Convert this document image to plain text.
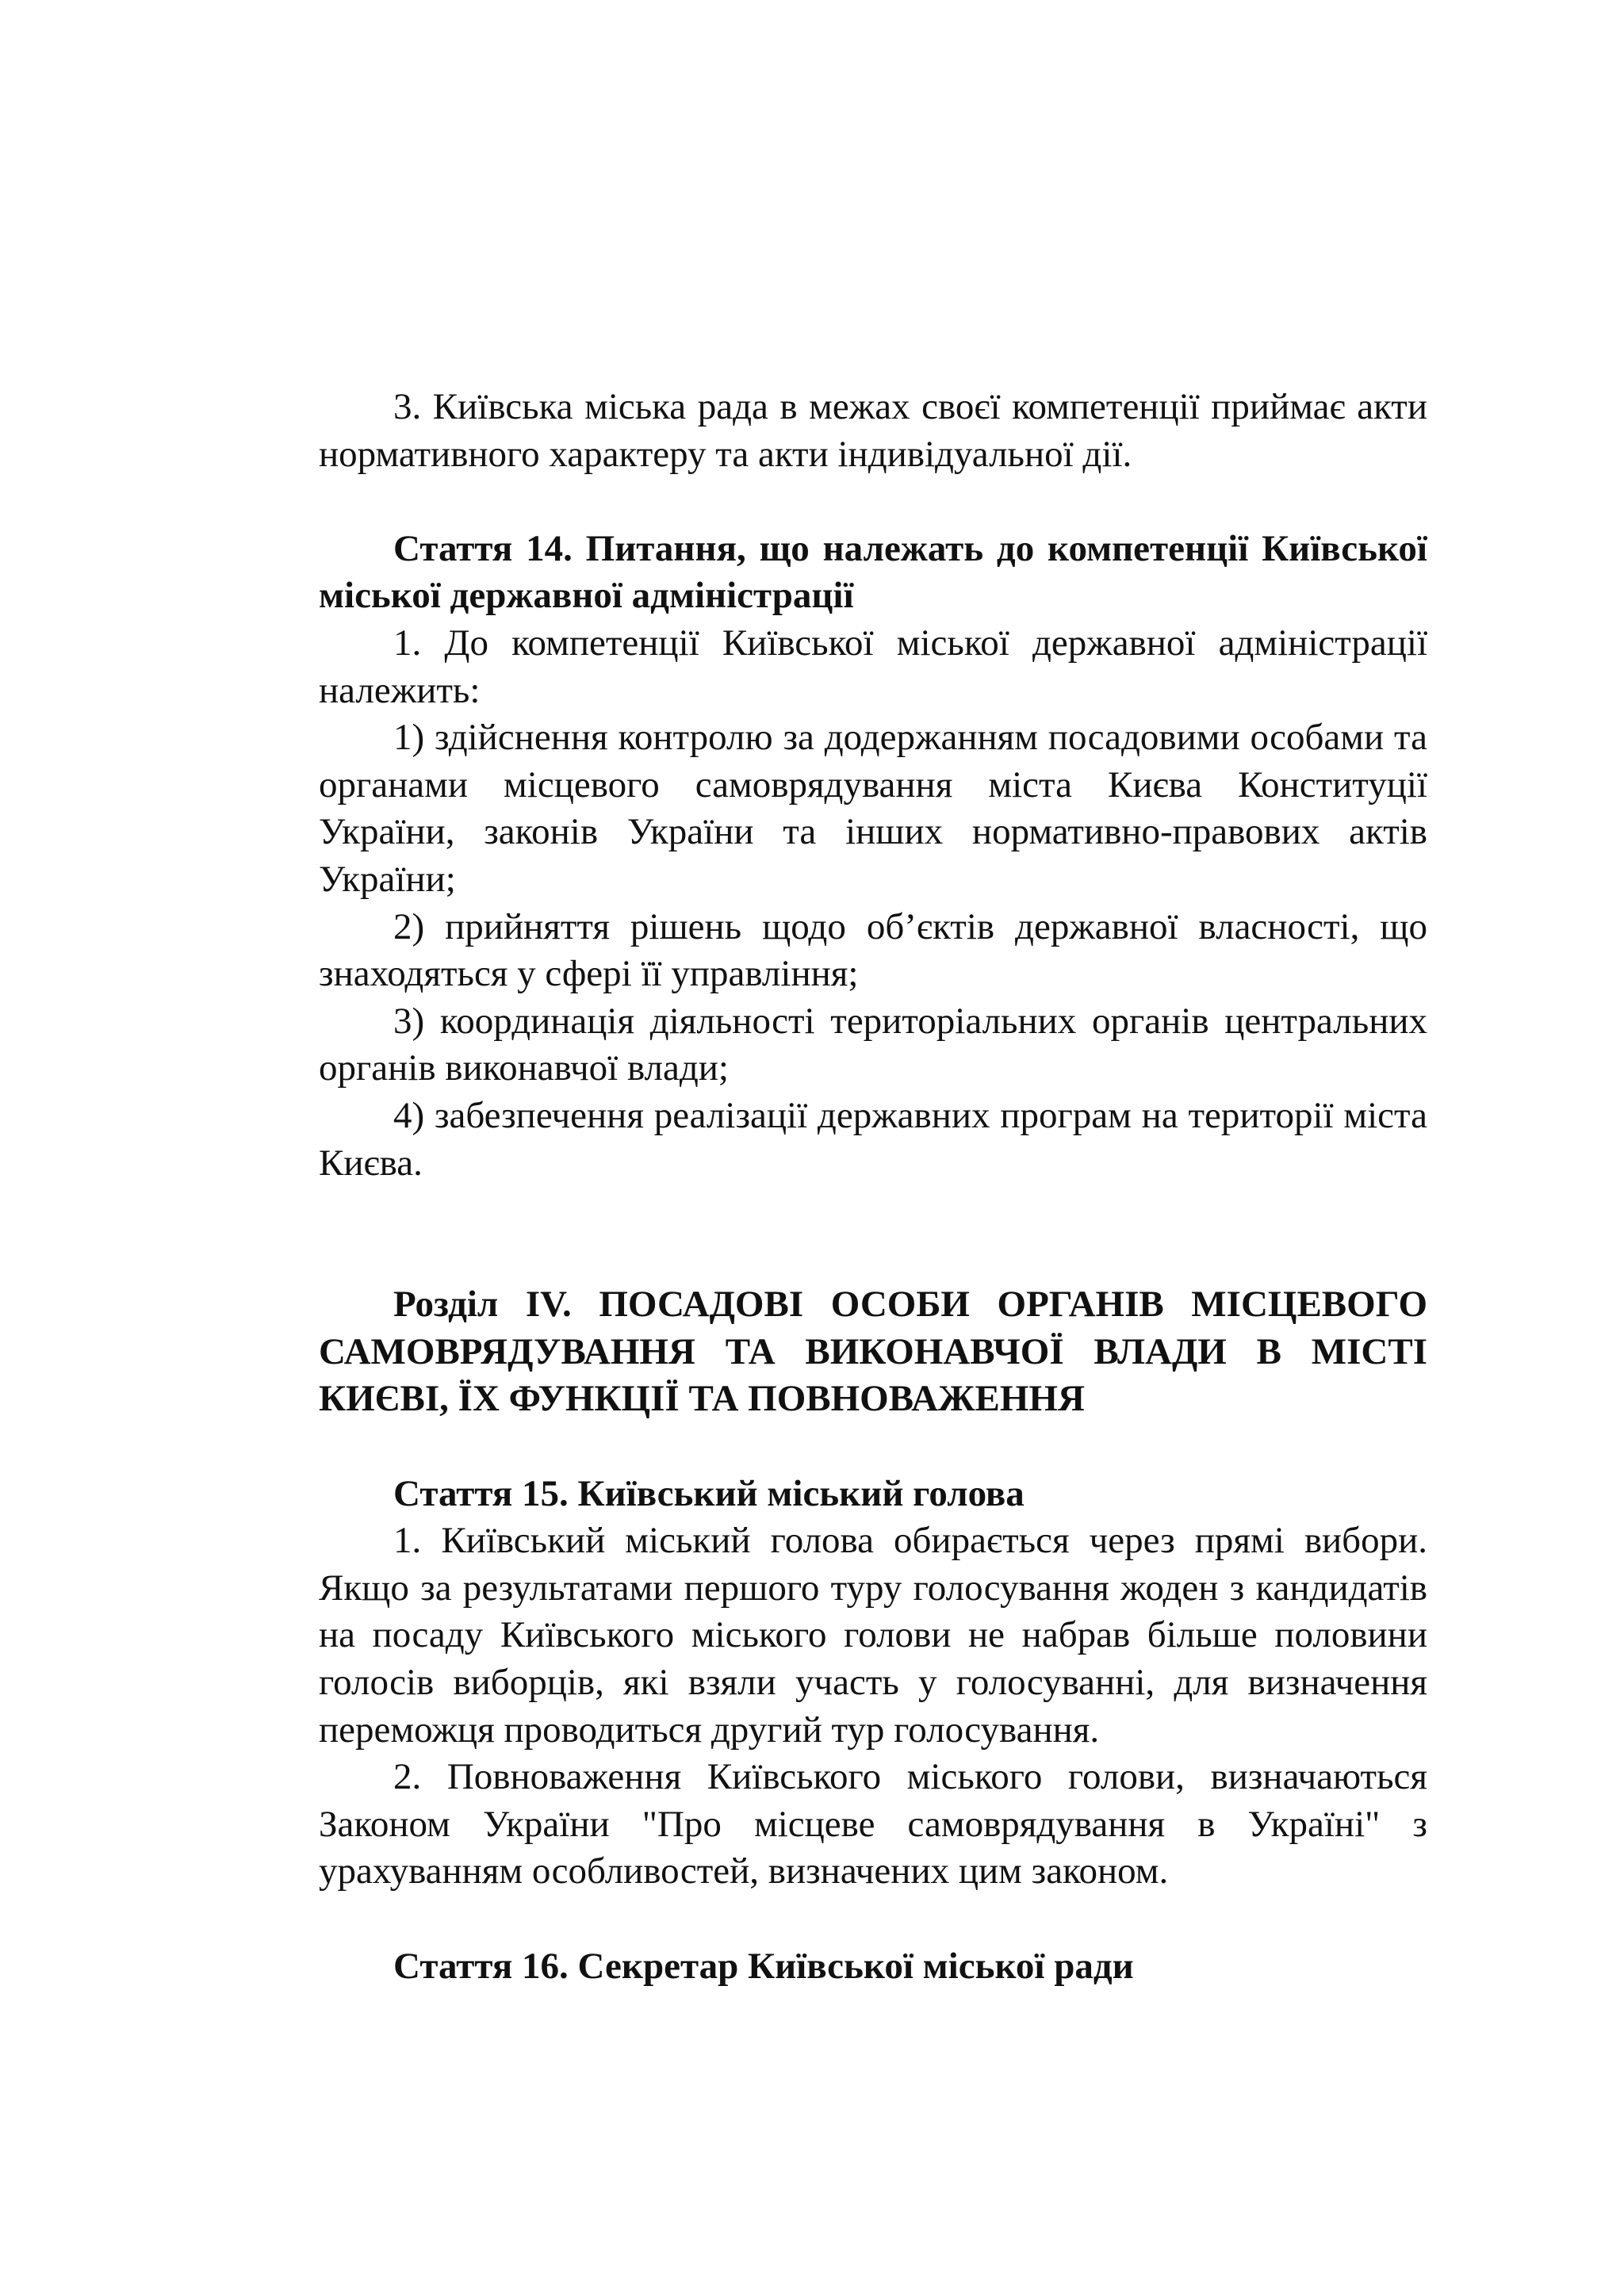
3. Київська міська рада в межах своєї компетенції приймає акти нормативного характеру та акти індивідуальної дії.

Стаття 14. Питання, що належать до компетенції Київської міської державної адміністрації

1. До компетенції Київської міської державної адміністрації належить:

1) здійснення контролю за додержанням посадовими особами та органами місцевого самоврядування міста Києва Конституції України, законів України та інших нормативно-правових актів України;

2) прийняття рішень щодо об’єктів державної власності, що знаходяться у сфері її управління;

3) координація діяльності територіальних органів центральних органів виконавчої влади;

4) забезпечення реалізації державних програм на території міста Києва.

Розділ IV. ПОСАДОВІ ОСОБИ ОРГАНІВ МІСЦЕВОГО САМОВРЯДУВАННЯ ТА ВИКОНАВЧОЇ ВЛАДИ В МІСТІ КИЄВІ, ЇХ ФУНКЦІЇ ТА ПОВНОВАЖЕННЯ

Стаття 15. Київський міський голова

1. Київський міський голова обирається через прямі вибори. Якщо за результатами першого туру голосування жоден з кандидатів на посаду Київського міського голови не набрав більше половини голосів виборців, які взяли участь у голосуванні, для визначення переможця проводиться другий тур голосування.

2. Повноваження Київського міського голови, визначаються Законом України "Про місцеве самоврядування в Україні" з урахуванням особливостей, визначених цим законом.

Стаття 16. Секретар Київської міської ради
